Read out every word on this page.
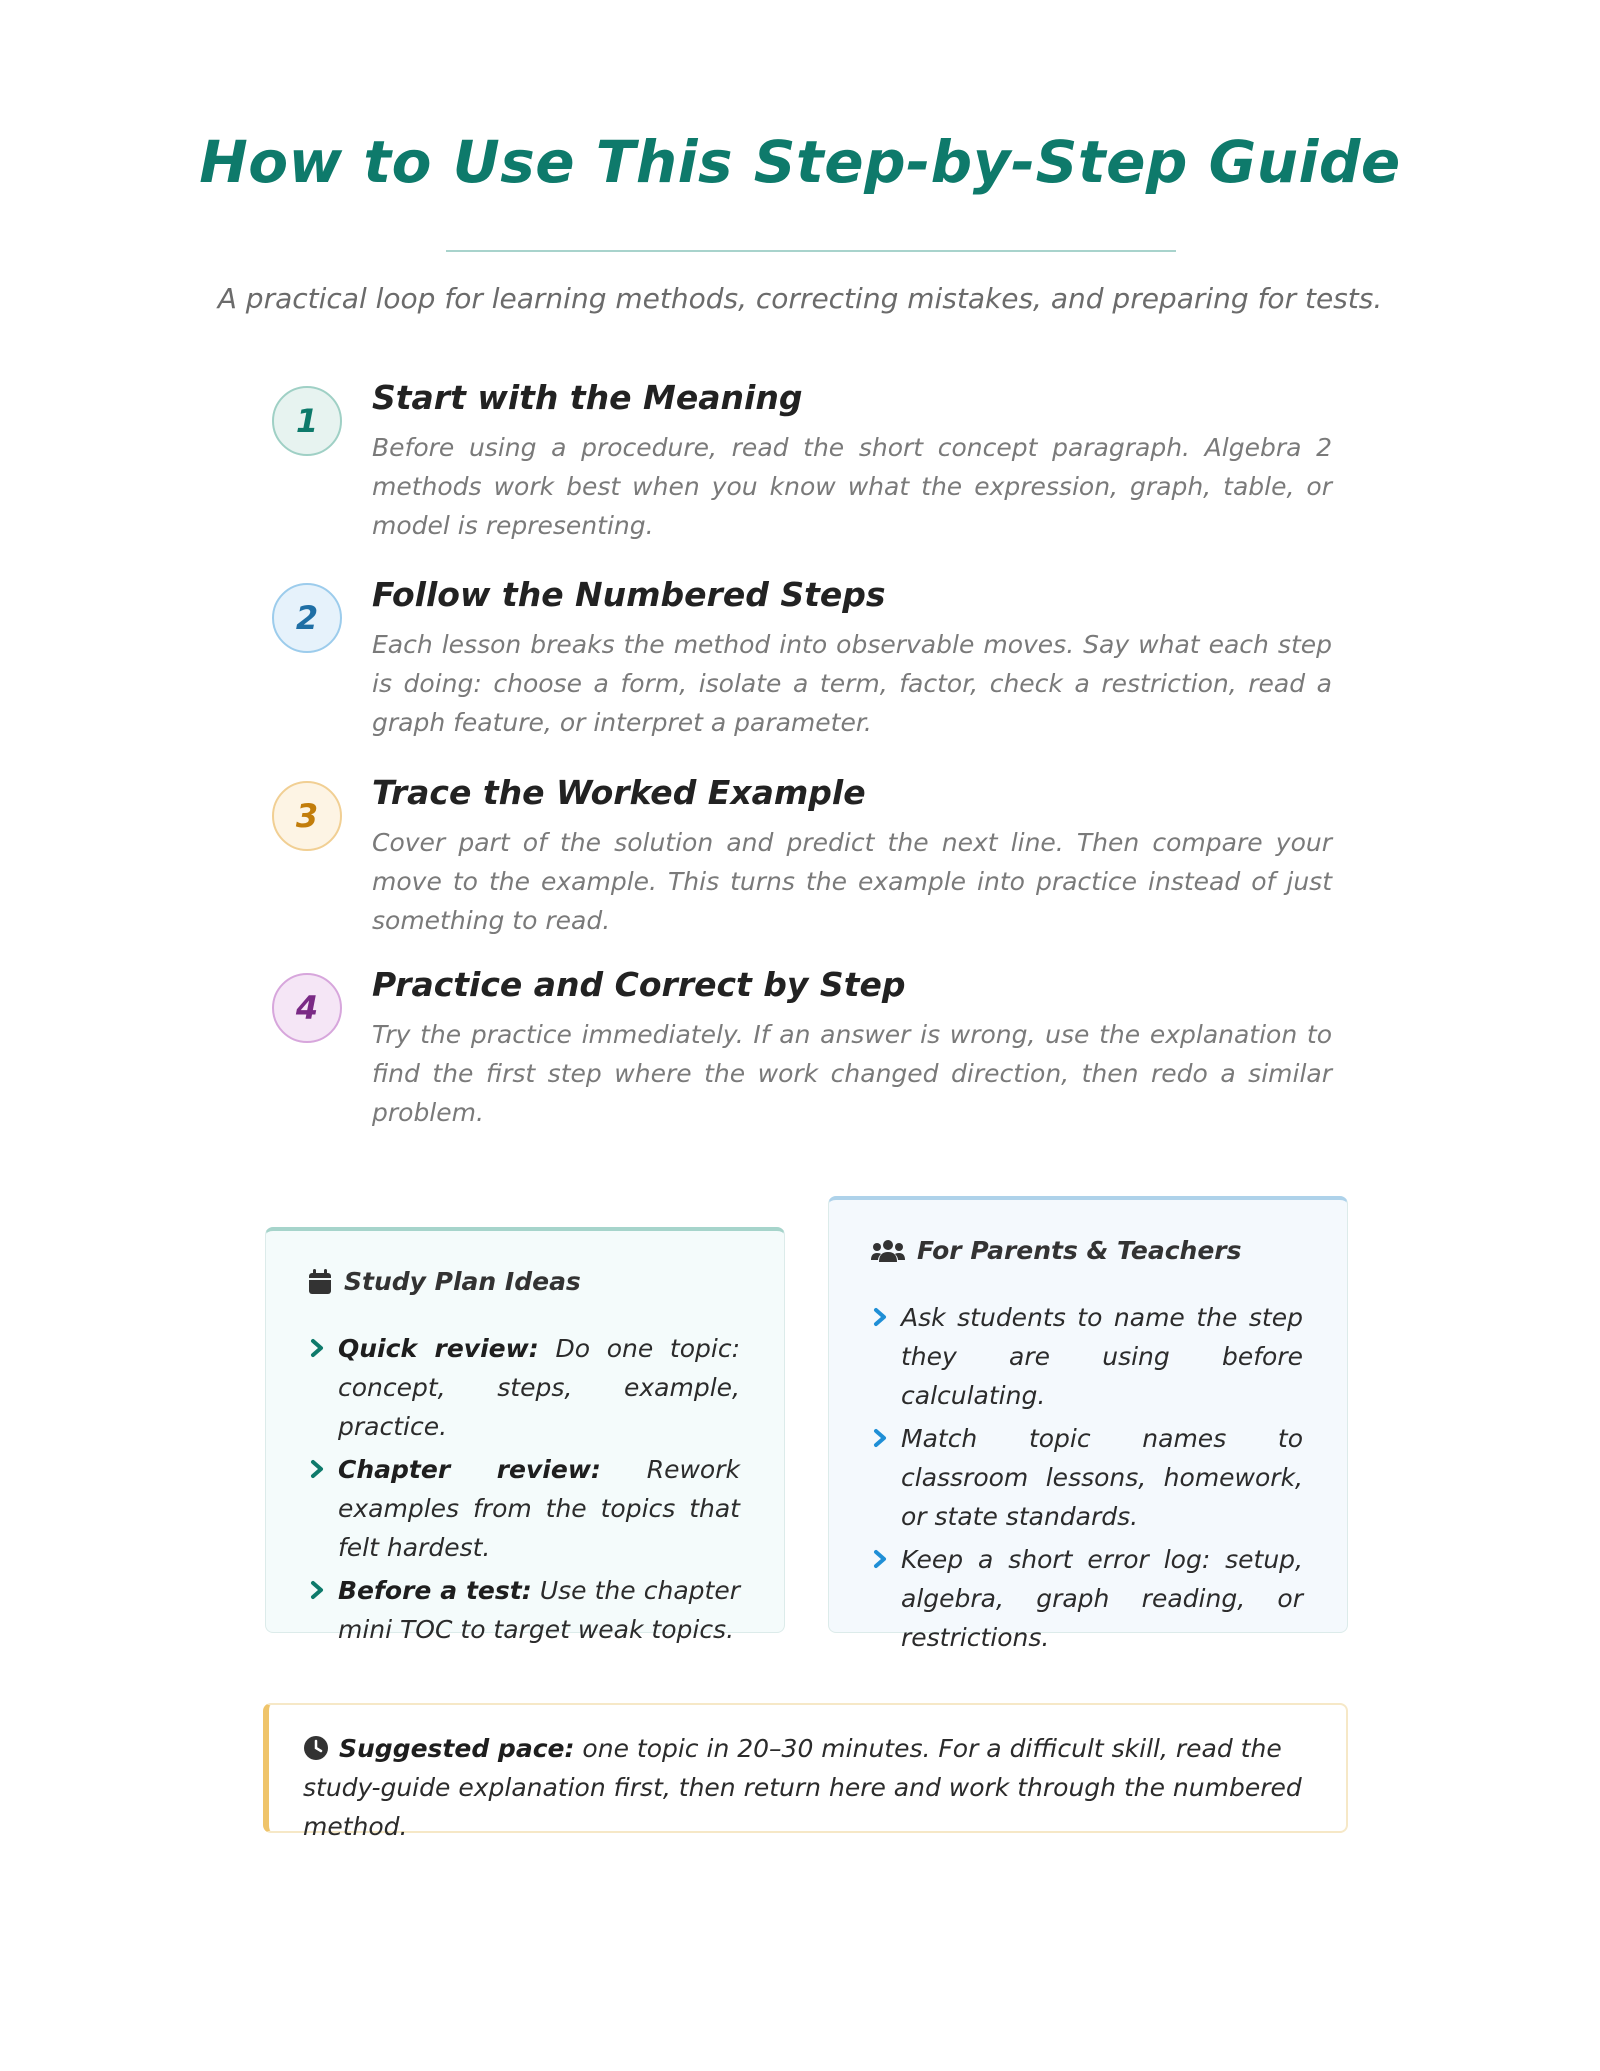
How to Use This Step-by-Step Guide

A practical loop for learning methods, correcting mistakes, and preparing for tests.

1
Start with the Meaning

Before using a procedure, read the short concept paragraph. Algebra 2 methods work best when you know what the expression, graph, table, or model is representing.

2
Follow the Numbered Steps

Each lesson breaks the method into observable moves. Say what each step is doing: choose a form, isolate a term, factor, check a restriction, read a graph feature, or interpret a parameter.

3
Trace the Worked Example

Cover part of the solution and predict the next line. Then compare your move to the example. This turns the example into practice instead of just something to read.

4
Practice and Correct by Step

Try the practice immediately. If an answer is wrong, use the explanation to find the first step where the work changed direction, then redo a similar problem.

Study Plan Ideas
Quick review: Do one topic: concept, steps, example, practice.
Chapter review: Rework examples from the topics that felt hardest.
Before a test: Use the chapter mini TOC to target weak topics.
For Parents & Teachers
Ask students to name the step they are using before calculating.
Match topic names to classroom lessons, homework, or state standards.
Keep a short error log: setup, algebra, graph reading, or restrictions.

Suggested pace: one topic in 20–30 minutes. For a difficult skill, read the study-guide explanation first, then return here and work through the numbered method.
